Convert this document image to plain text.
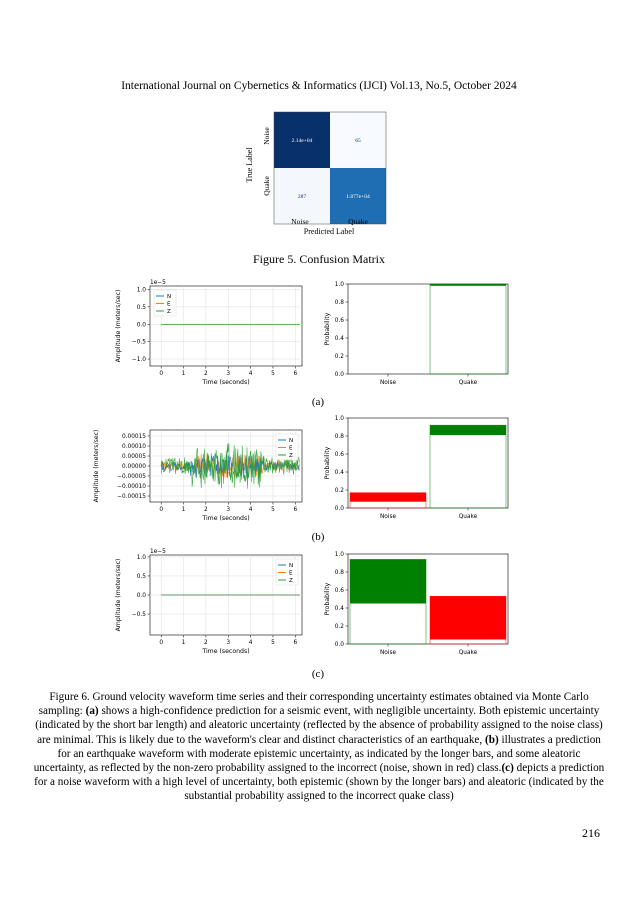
International Journal on Cybernetics & Informatics (IJCI) Vol.13, No.5, October 2024
2.14e+04	65
287	1.877e+04
True Label
Noise
Quake
Noise	Quake
Predicted Label
Figure 5. Confusion Matrix
0	1	2	3	4	5	6
1.0
0.5
0.0
−0.5
−1.0
Time (seconds)
Amplitude (meters/sec)
1e−5
N
E
Z
1.0
0.8
0.6
0.4
0.2
0.0
Probability
Noise	Quake
(a)
0	1	2	3	4	5	6
0.00015
0.00010
0.00005
0.00000
−0.00005
−0.00010
−0.00015
Time (seconds)
Amplitude (meters/sec)	N
E
Z
1.0
0.8
0.6
0.4
0.2
0.0
Probability
Noise	Quake
(b)
0	1	2	3	4	5	6
1.0
0.5
0.0
−0.5
Time (seconds)
Amplitude (meters/sec)
1e−5
N
E
Z
1.0
0.8
0.6
0.4
0.2
0.0
Probability
Noise	Quake
(c)
Figure 6. Ground velocity waveform time series and their corresponding uncertainty estimates obtained via Monte Carlo sampling: (a) shows a high-confidence prediction for a seismic event, with negligible uncertainty. Both epistemic uncertainty (indicated by the short bar length) and aleatoric uncertainty (reflected by the absence of probability assigned to the noise class) are minimal. This is likely due to the waveform's clear and distinct characteristics of an earthquake, (b) illustrates a prediction for an earthquake waveform with moderate epistemic uncertainty, as indicated by the longer bars, and some aleatoric uncertainty, as reflected by the non-zero probability assigned to the incorrect (noise, shown in red) class.(c) depicts a prediction for a noise waveform with a high level of uncertainty, both epistemic (shown by the longer bars) and aleatoric (indicated by the substantial probability assigned to the incorrect quake class)
216
